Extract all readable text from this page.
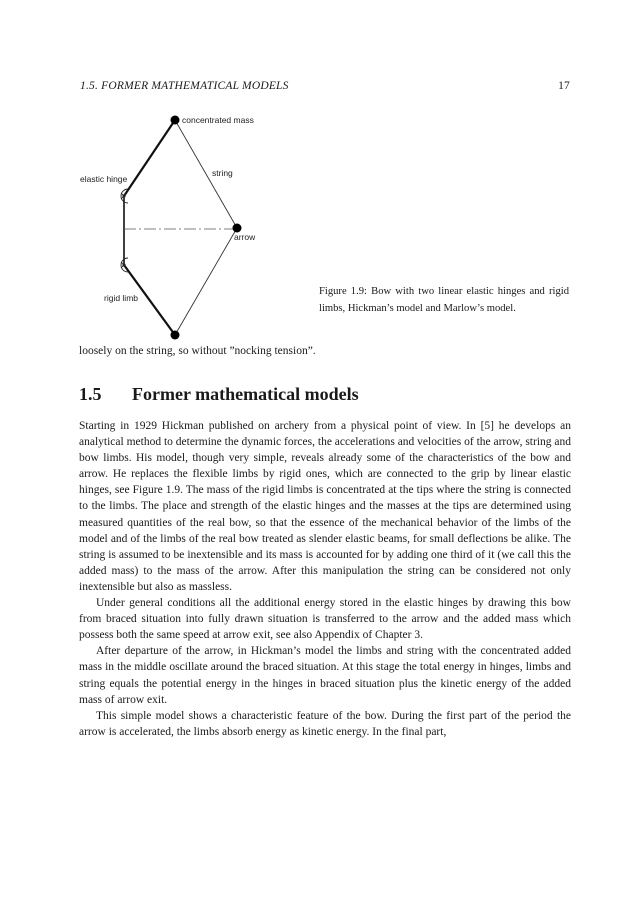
1.5. FORMER MATHEMATICAL MODELS	17
concentrated mass
string
elastic hinge
arrow
rigid limb
Figure 1.9: Bow with two linear elastic hinges and rigid limbs, Hickman’s model and Marlow’s model.
loosely on the string, so without ”nocking tension”.
1.5 Former mathematical models

Starting in 1929 Hickman published on archery from a physical point of view. In [5] he develops an analytical method to determine the dynamic forces, the accelerations and velocities of the arrow, string and bow limbs. His model, though very simple, reveals already some of the characteristics of the bow and arrow. He replaces the flexible limbs by rigid ones, which are connected to the grip by linear elastic hinges, see Figure 1.9. The mass of the rigid limbs is concentrated at the tips where the string is connected to the limbs. The place and strength of the elastic hinges and the masses at the tips are determined using measured quantities of the real bow, so that the essence of the mechanical behavior of the limbs of the model and of the limbs of the real bow treated as slender elastic beams, for small deflections be alike. The string is assumed to be inextensible and its mass is accounted for by adding one third of it (we call this the added mass) to the mass of the arrow. After this manipulation the string can be considered not only inextensible but also as massless.

Under general conditions all the additional energy stored in the elastic hinges by drawing this bow from braced situation into fully drawn situation is transferred to the arrow and the added mass which possess both the same speed at arrow exit, see also Appendix of Chapter 3.

After departure of the arrow, in Hickman’s model the limbs and string with the concentrated added mass in the middle oscillate around the braced situation. At this stage the total energy in hinges, limbs and string equals the potential energy in the hinges in braced situation plus the kinetic energy of the added mass of arrow exit.

This simple model shows a characteristic feature of the bow. During the first part of the period the arrow is accelerated, the limbs absorb energy as kinetic energy. In the final part,
